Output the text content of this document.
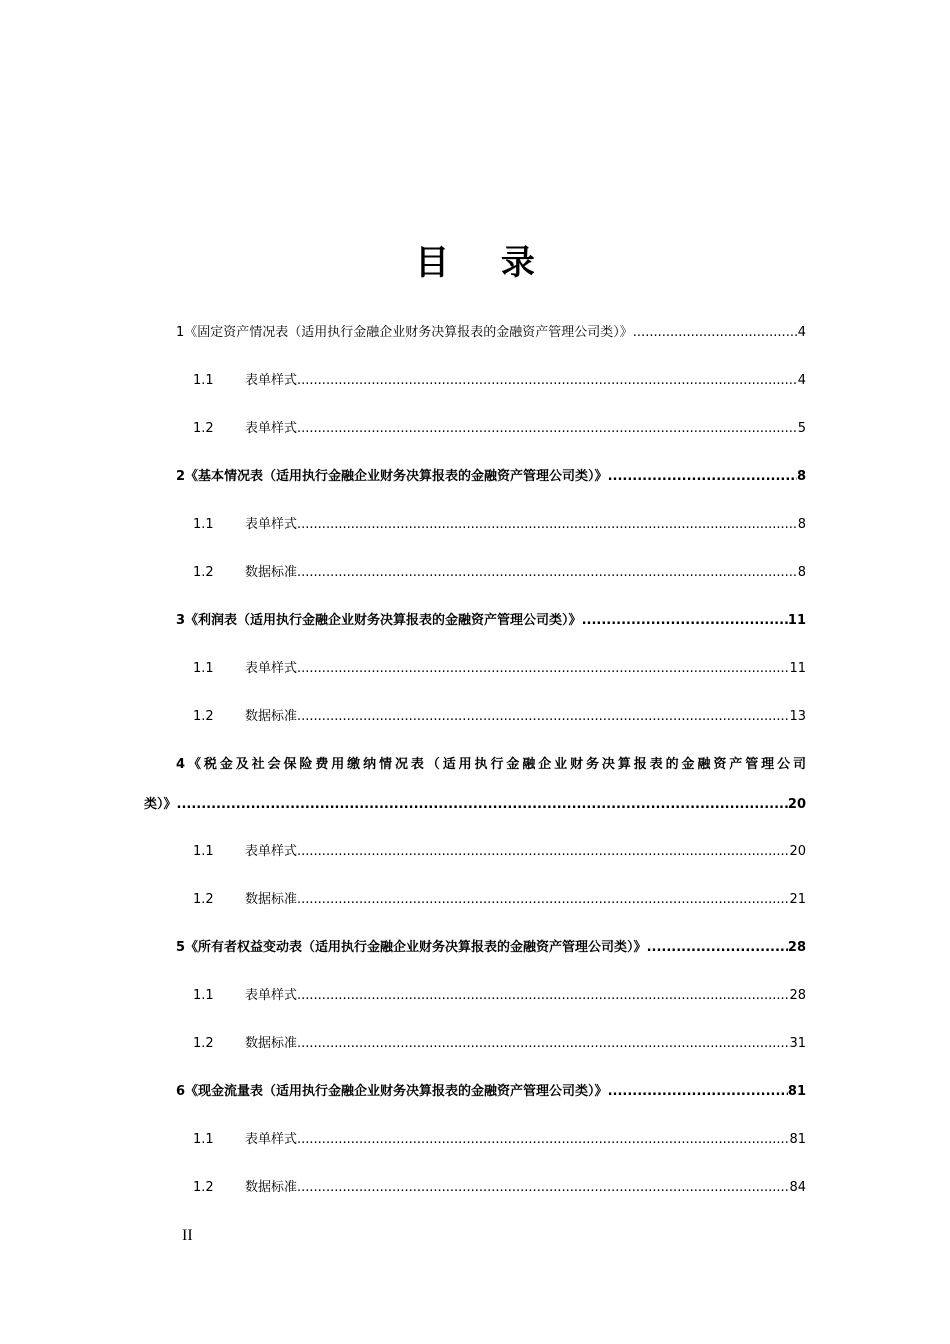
目 录
1 《固定资产情况表（适用执行金融企业财务决算报表的金融资产管理公司类）》 .....	4
1.1	表单样式 .....	4
1.2	表单样式 .....	5
2 《基本情况表（适用执行金融企业财务决算报表的金融资产管理公司类）》 .....	8
1.1	表单样式 .....	8
1.2	数据标准 .....	8
3 《利润表（适用执行金融企业财务决算报表的金融资产管理公司类）》 .....	11
1.1	表单样式 .....	11
1.2	数据标准 .....	13
4《税金及社会保险费用缴纳情况表（适用执行金融企业财务决算报表的金融资产管理公司
类）》 .....	20
1.1	表单样式 .....	20
1.2	数据标准 .....	21
5 《所有者权益变动表（适用执行金融企业财务决算报表的金融资产管理公司类）》 .....	28
1.1	表单样式 .....	28
1.2	数据标准 .....	31
6 《现金流量表（适用执行金融企业财务决算报表的金融资产管理公司类）》 .....	81
1.1	表单样式 .....	81
1.2	数据标准 .....	84
II
